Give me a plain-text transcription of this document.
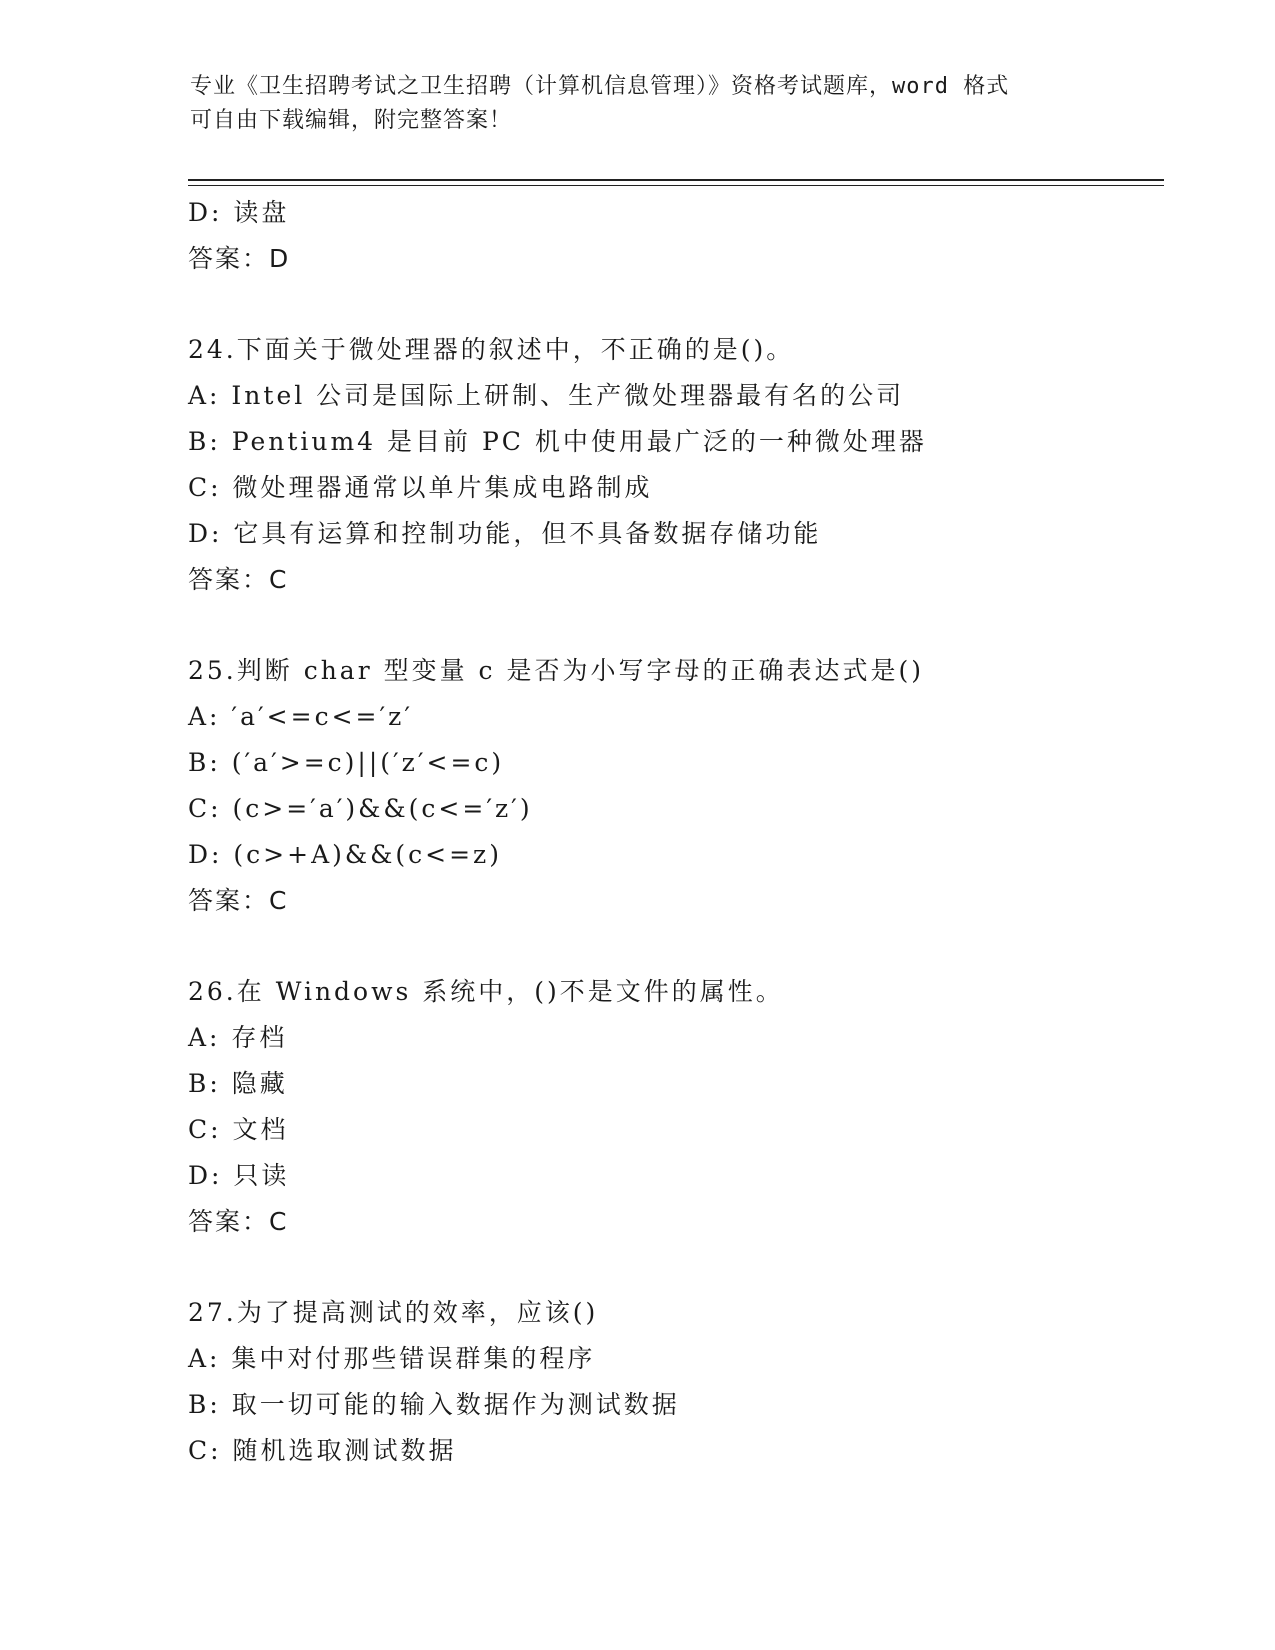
专业《卫生招聘考试之卫生招聘（计算机信息管理）》资格考试题库，word 格式
可自由下载编辑，附完整答案！
D: 读盘
答案：D
24.下面关于微处理器的叙述中，不正确的是()。
A: Intel 公司是国际上研制、生产微处理器最有名的公司
B: Pentium4 是目前 PC 机中使用最广泛的一种微处理器
C: 微处理器通常以单片集成电路制成
D: 它具有运算和控制功能，但不具备数据存储功能
答案：C
25.判断 char 型变量 c 是否为小写字母的正确表达式是()
A: ′a′<=c<=′z′
B: (′a′>=c)||(′z′<=c)
C: (c>=′a′)&&(c<=′z′)
D: (c>+A)&&(c<=z)
答案：C
26.在 Windows 系统中，()不是文件的属性。
A: 存档
B: 隐藏
C: 文档
D: 只读
答案：C
27.为了提高测试的效率，应该()
A: 集中对付那些错误群集的程序
B: 取一切可能的输入数据作为测试数据
C: 随机选取测试数据
